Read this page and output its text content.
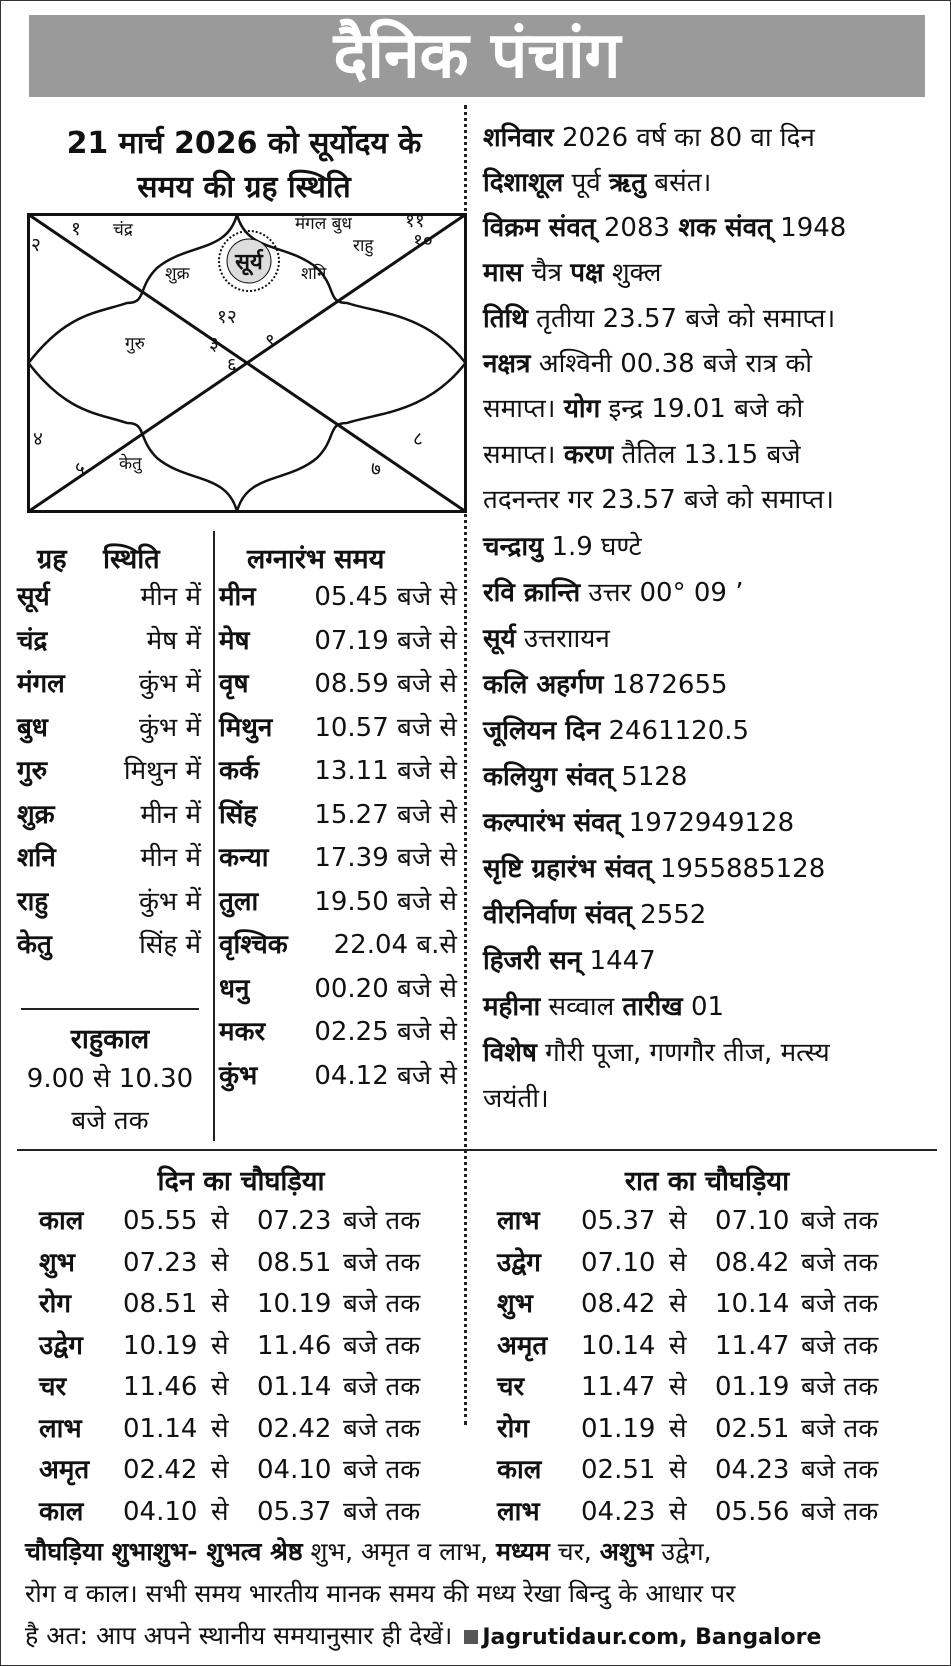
दैनिक पंचांग
21 मार्च 2026 को सूर्योदय के
समय की ग्रह स्थिति
सूर्य
१
२
३
४
५
६
७
८
९
१०
११
१२
चंद्र	मंगल बुध
राहु
शुक्र	शनि
गुरु
केतु
शनिवार 2026 वर्ष का 80 वा दिन
दिशाशूल पूर्व ऋतु बसंत।
विक्रम संवत् 2083 शक संवत् 1948
मास चैत्र पक्ष शुक्ल
तिथि तृतीया 23.57 बजे को समाप्त।
नक्षत्र अश्विनी 00.38 बजे रात्र को
समाप्त। योग इन्द्र 19.01 बजे को
समाप्त। करण तैतिल 13.15 बजे
तदनन्तर गर 23.57 बजे को समाप्त।
चन्द्रायु 1.9 घण्टे
रवि क्रान्ति उत्तर 00° 09 ’
सूर्य उत्तराायन
कलि अहर्गण 1872655
जूलियन दिन 2461120.5
कलियुग संवत् 5128
कल्पारंभ संवत् 1972949128
सृष्टि ग्रहारंभ संवत् 1955885128
वीरनिर्वाण संवत् 2552
हिजरी सन् 1447
महीना सव्वाल तारीख 01
विशेष गौरी पूजा, गणगौर तीज, मत्स्य
जयंती।
ग्रह स्थिति
सूर्य	मीन में
चंद्र	मेष में
मंगल	कुंभ में
बुध	कुंभ में
गुरु	मिथुन में
शुक्र	मीन में
शनि	मीन में
राहु	कुंभ में
केतु	सिंह में
राहुकाल
9.00 से 10.30
बजे तक
लग्नारंभ समय
मीन 05.45 बजे से
मेष 07.19 बजे से
वृष	08.59 बजे से
मिथुन 10.57 बजे से
कर्क 13.11 बजे से
सिंह 15.27 बजे से
कन्या 17.39 बजे से
तुला 19.50 बजे से
वृश्चिक 22.04 ब.से
धनु 00.20 बजे से
मकर 02.25 बजे से
कुंभ 04.12 बजे से
दिन का चौघड़िया	रात का चौघड़िया
काल 05.55 से 07.23 बजे तक
शुभ 07.23 से 08.51 बजे तक
रोग 08.51 से 10.19 बजे तक
उद्वेग 10.19 से 11.46 बजे तक
चर 11.46 से 01.14 बजे तक
लाभ 01.14 से 02.42 बजे तक
अमृत 02.42 से 04.10 बजे तक
काल 04.10 से 05.37 बजे तक
लाभ 05.37 से 07.10 बजे तक
उद्वेग 07.10 से 08.42 बजे तक
शुभ 08.42 से 10.14 बजे तक
अमृत 10.14 से 11.47 बजे तक
चर 11.47 से 01.19 बजे तक
रोग 01.19 से 02.51 बजे तक
काल 02.51 से 04.23 बजे तक
लाभ 04.23 से 05.56 बजे तक
चौघड़िया शुभाशुभ- शुभत्व श्रेष्ठ शुभ, अमृत व लाभ, मध्यम चर, अशुभ उद्वेग,
रोग व काल। सभी समय भारतीय मानक समय की मध्य रेखा बिन्दु के आधार पर
है अत: आप अपने स्थानीय समयानुसार ही देखें। Jagrutidaur.com, Bangalore
